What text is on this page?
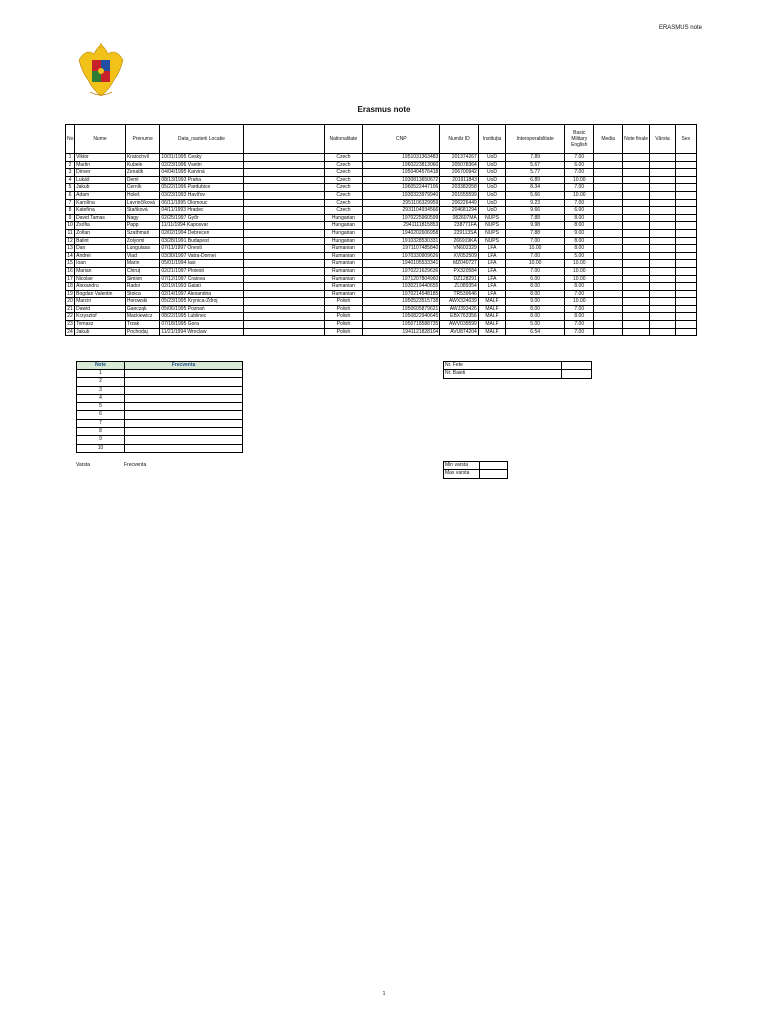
ERASMUS note
Erasmus note
No	Nume	Prenume	Data_nasterii Locatie		Nationalitate	CNP	Număr ID	Instituția	Interoperabilitate	Basic Military English	Media	Note finale	Vârsta	Sex
1	Viktor	Kratochvil	10/31/1995 Cesky		Czech	1951031363483	201374267	UoD	7.89	7.00				
2	Martin	Kubele	02/23/1996 Vsetin		Czech	1960223813060	205078364	UoD	5.67	6.00				
3	Dinver	Zenatik	04/04/1995 Karviná		Czech	1950404576418	206700942	UoD	5.77	7.00				
4	Lukáš	Deml	08/13/1993 Praha		Czech	1930813650672	201911843	UoD	6.89	10.00				
5	Jakub	Černík	05/22/1996 Pardubice		Czech	1960522447106	203382058	UoD	8.34	7.00				
6	Adam	Holeš	03/23/1993 Havířov		Czech	1930323979940	201555599	UoD	5.66	10.00				
7	Karolína	Lavrinčíková	06/11/1995 Olomouc		Czech	2951106329959	206226449	UoD	9.23	7.00				
8	Kateřina	Staňková	04/11/1993 Hradec		Czech	2931104934566	204681294	UoD	9.66	6.00				
9	David Tamas	Nagy	02/25/1997 Győr		Hungarian	1970225960599	082607MA	NUPS	7.88	8.00				
10	Zsófia	Papp	11/11/1994 Kaposvar		Hungarian	2941111815853	238771FA	NUPS	9.98	8.00				
11	Zoltan	Szathmari	02/02/1994 Debrecen		Hungarian	1940202606958	229113SA	NUPS	7.88	9.00				
12	Balint	Zolyomi	03/28/1991 Budapest		Hungarian	1910328530331	266919KA	NUPS	7.00	8.00				
13	Dan	Lungulasa	07/11/1997 Onesti		Rumanian	1971107485840	VN602329	LFA	10.00	8.00				
14	Andrei	Vlad	03/30/1997 Vatra-Dornei		Rumanian	1970330909626	XV052509	LFA	7.00	5.00				
15	Ioan	Marin	05/01/1994 Iasi		Rumanian	1940105533341	MZ040727	LFA	10.00	10.00				
16	Marian	Chiruț	02/21/1997 Ploiesti		Rumanian	1970221629636	PX320584	LFA	7.00	10.00				
17	Nicolae	Simion	07/12/1997 Craiova		Rumanian	1971207804960	DZ128291	LFA	6.00	10.00				
18	Alexandru	Radoi	02/19/1993 Galati		Rumanian	1930219440655	ZL089354	LFA	8.00	8.00				
19	Bogdan Valentin	Stoica	02/14/1997 Alexandria		Rumanian	1970214548185	TR539646	LFA	8.00	7.00				
20	Marcin	Horowski	05/23/1995 Krynica-Zdroj		Polish	1950523515738	AWX324039	MALF	9.00	10.00				
21	Dawid	Gancząk	05/06/1995 Poznań		Polish	1950605879621	AWJ393426	MALF	8.00	7.00				
22	Krzysztof	Mackiewicz	08/22/1995 Lublinec		Polish	1950822940645	EBX763356	MALF	8.00	8.00				
23	Tomasz	Trzak	07/18/1995 Gora		Polish	1950718588735	AWV039599	MALF	5.00	7.00				
24	Jakub	Pochodaj	11/21/1994 Wroclaw		Polish	1941121828104	AVU874204	MALF	6.54	7.00				
Note	Frecventa
1	
2	
3	
4	
5	
6	
7	
8	
9	
10	
Nr. Fete	
Nr. Baieti	
Varsta	Frecventa	Min varsta	
Max varsta	
1
